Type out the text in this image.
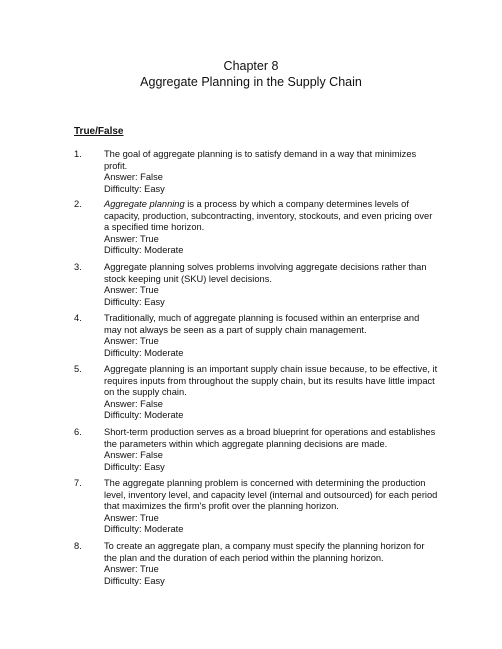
Chapter 8
Aggregate Planning in the Supply Chain
True/False
1.	The goal of aggregate planning is to satisfy demand in a way that minimizes
profit.
Answer: False
Difficulty: Easy
2.	Aggregate planning is a process by which a company determines levels of
capacity, production, subcontracting, inventory, stockouts, and even pricing over
a specified time horizon.
Answer: True
Difficulty: Moderate
3.	Aggregate planning solves problems involving aggregate decisions rather than
stock keeping unit (SKU) level decisions.
Answer: True
Difficulty: Easy
4.	Traditionally, much of aggregate planning is focused within an enterprise and
may not always be seen as a part of supply chain management.
Answer: True
Difficulty: Moderate
5.	Aggregate planning is an important supply chain issue because, to be effective, it
requires inputs from throughout the supply chain, but its results have little impact
on the supply chain.
Answer: False
Difficulty: Moderate
6.	Short-term production serves as a broad blueprint for operations and establishes
the parameters within which aggregate planning decisions are made.
Answer: False
Difficulty: Easy
7.	The aggregate planning problem is concerned with determining the production
level, inventory level, and capacity level (internal and outsourced) for each period
that maximizes the firm's profit over the planning horizon.
Answer: True
Difficulty: Moderate
8.	To create an aggregate plan, a company must specify the planning horizon for
the plan and the duration of each period within the planning horizon.
Answer: True
Difficulty: Easy
